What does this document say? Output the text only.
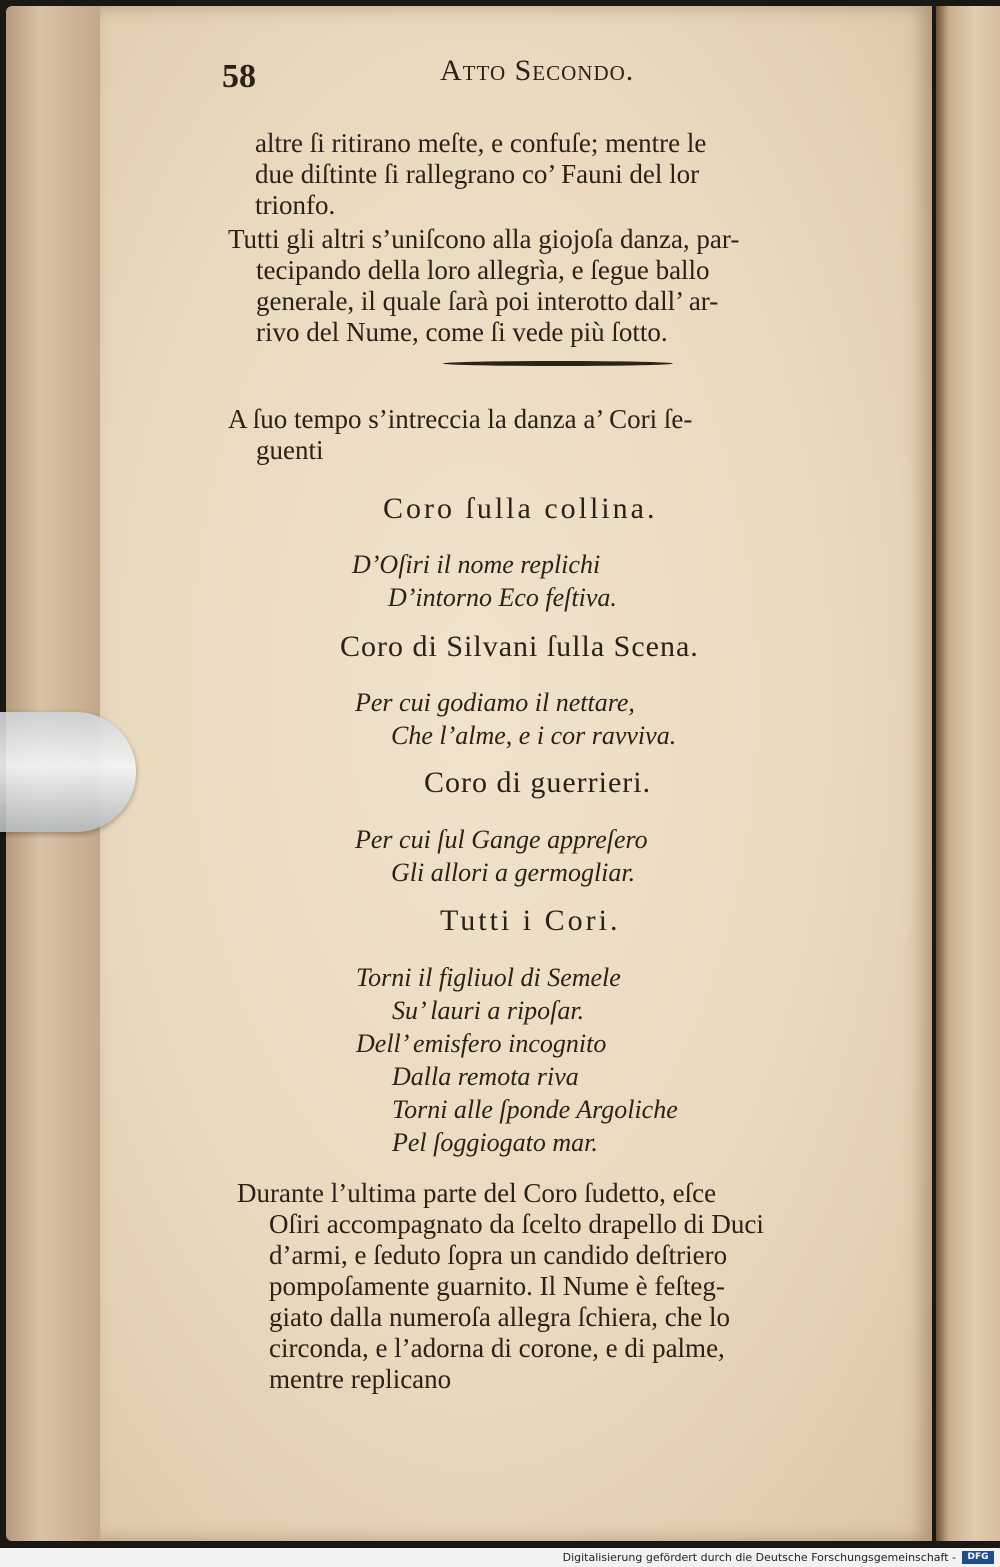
58	Atto Secondo.
altre ſi ritirano meſte, e confuſe; mentre le
due diſtinte ſi rallegrano co’ Fauni del lor
trionfo.
Tutti gli altri s’uniſcono alla giojoſa danza, par-
tecipando della loro allegrìa, e ſegue ballo
generale, il quale ſarà poi interotto dall’ ar-
rivo del Nume, come ſi vede più ſotto.
A ſuo tempo s’intreccia la danza a’ Cori ſe-
guenti
Coro ſulla collina.
D’Oſiri il nome replichi
D’intorno Eco feſtiva.
Coro di Silvani ſulla Scena.
Per cui godiamo il nettare,
Che l’alme, e i cor ravviva.
Coro di guerrieri.
Per cui ſul Gange appreſero
Gli allori a germogliar.
Tutti i Cori.
Torni il figliuol di Semele
Su’ lauri a ripoſar.
Dell’ emisfero incognito
Dalla remota riva
Torni alle ſponde Argoliche
Pel ſoggiogato mar.
Durante l’ultima parte del Coro ſudetto, eſce
Oſiri accompagnato da ſcelto drapello di Duci
d’armi, e ſeduto ſopra un candido deſtriero
pompoſamente guarnito. Il Nume è feſteg-
giato dalla numeroſa allegra ſchiera, che lo
circonda, e l’adorna di corone, e di palme,
mentre replicano
Digitalisierung gefördert durch die Deutsche Forschungsgemeinschaft -	DFG
